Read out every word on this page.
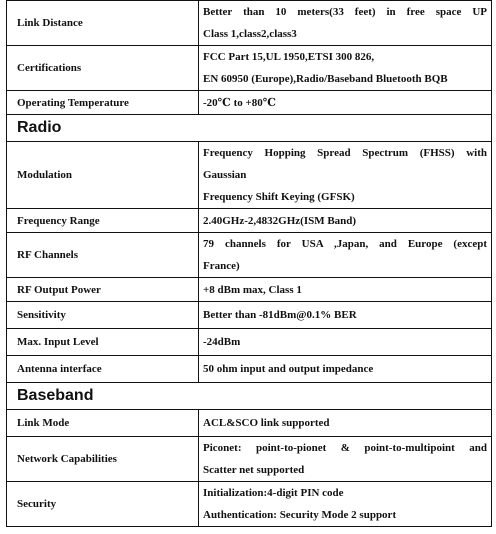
Link Distance	Better than 10 meters(33 feet) in free space UP
Class 1,class2,class3

Certifications	FCC Part 15,UL 1950,ETSI 300 826,
EN 60950 (Europe),Radio/Baseband Bluetooth BQB

Operating Temperature	-20℃ to +80℃

Radio	
Modulation	Frequency Hopping Spread Spectrum (FHSS) with
Gaussian
Frequency Shift Keying (GFSK)

Frequency Range	2.40GHz-2,4832GHz(ISM Band)

RF Channels	79 channels for USA ,Japan, and Europe (except
France)

RF Output Power	+8 dBm max, Class 1

Sensitivity	Better than -81dBm@0.1% BER

Max. Input Level	-24dBm

Antenna interface	50 ohm input and output impedance

Baseband	
Link Mode	ACL&SCO link supported

Network Capabilities	Piconet: point-to-pionet & point-to-multipoint and
Scatter net supported

Security	Initialization:4-digit PIN code
Authentication: Security Mode 2 support
